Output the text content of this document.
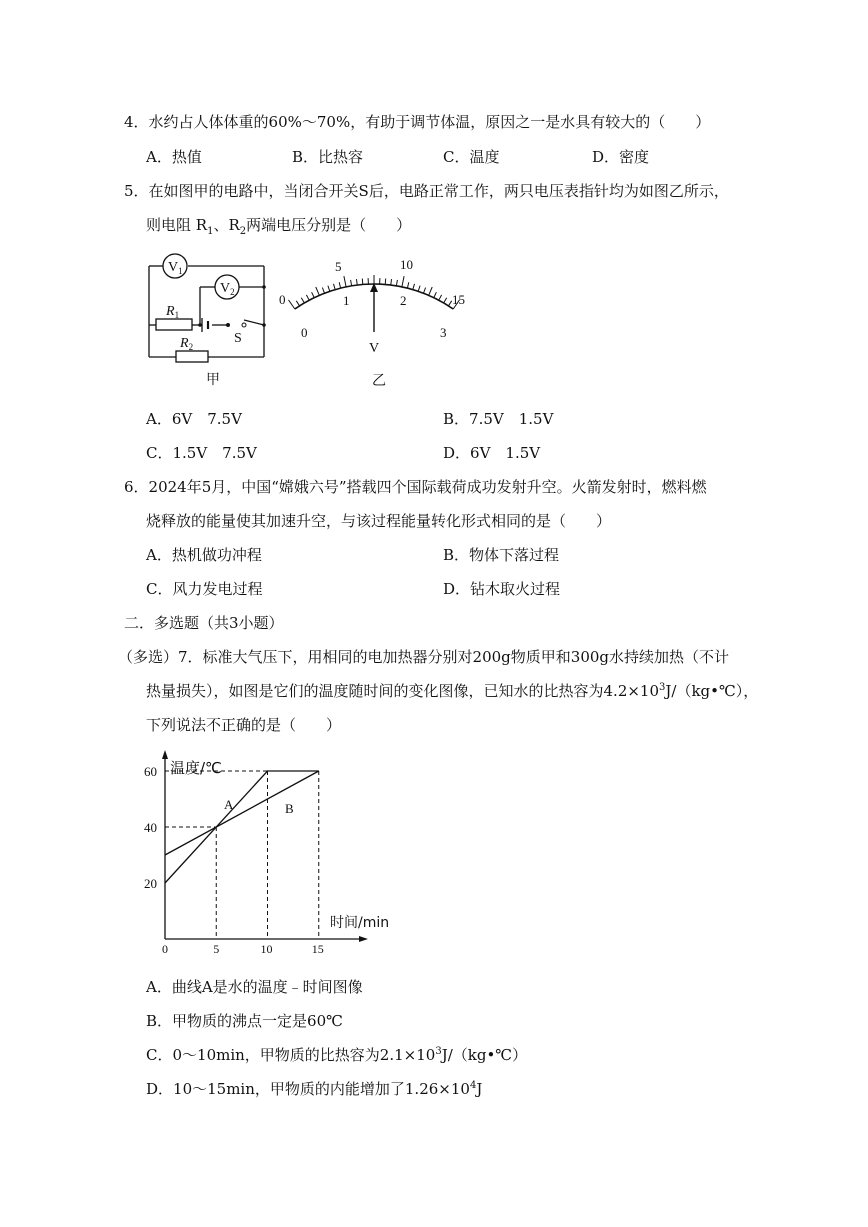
4．水约占人体体重的60%～70%，有助于调节体温，原因之一是水具有较大的（　　）
A．热值	B．比热容	C．温度	D．密度
5．在如图甲的电路中，当闭合开关S后，电路正常工作，两只电压表指针均为如图乙所示，
则电阻 $R_1$、$R_2$两端电压分别是（　　）
$V_1$
$V_2$
$R_1$
$R_2$
S
甲
0
5	10
15
0
1	2
3
V
乙
A．6V　7.5V	B．7.5V　1.5V
C．1.5V　7.5V	D．6V　1.5V
6．2024年5月，中国“嫦娥六号”搭载四个国际载荷成功发射升空。火箭发射时，燃料燃
烧释放的能量使其加速升空，与该过程能量转化形式相同的是（　　）
A．热机做功冲程	B．物体下落过程
C．风力发电过程	D．钻木取火过程
二．多选题（共3小题）
（多选）7．标准大气压下，用相同的电加热器分别对200g物质甲和300g水持续加热（不计
热量损失），如图是它们的温度随时间的变化图像，已知水的比热容为$4.2\times 10^3J/(kg•℃)$，
下列说法不正确的是（　　）
0	5	10	15
20
40
60 温度/℃
时间/min
A	B
A．曲线A是水的温度﹣时间图像
B．甲物质的沸点一定是60℃
C．0～10min，甲物质的比热容为$2.1\times 10^3J/(kg•℃)$
D．10～15min，甲物质的内能增加了$1.26\times 10^4J$
